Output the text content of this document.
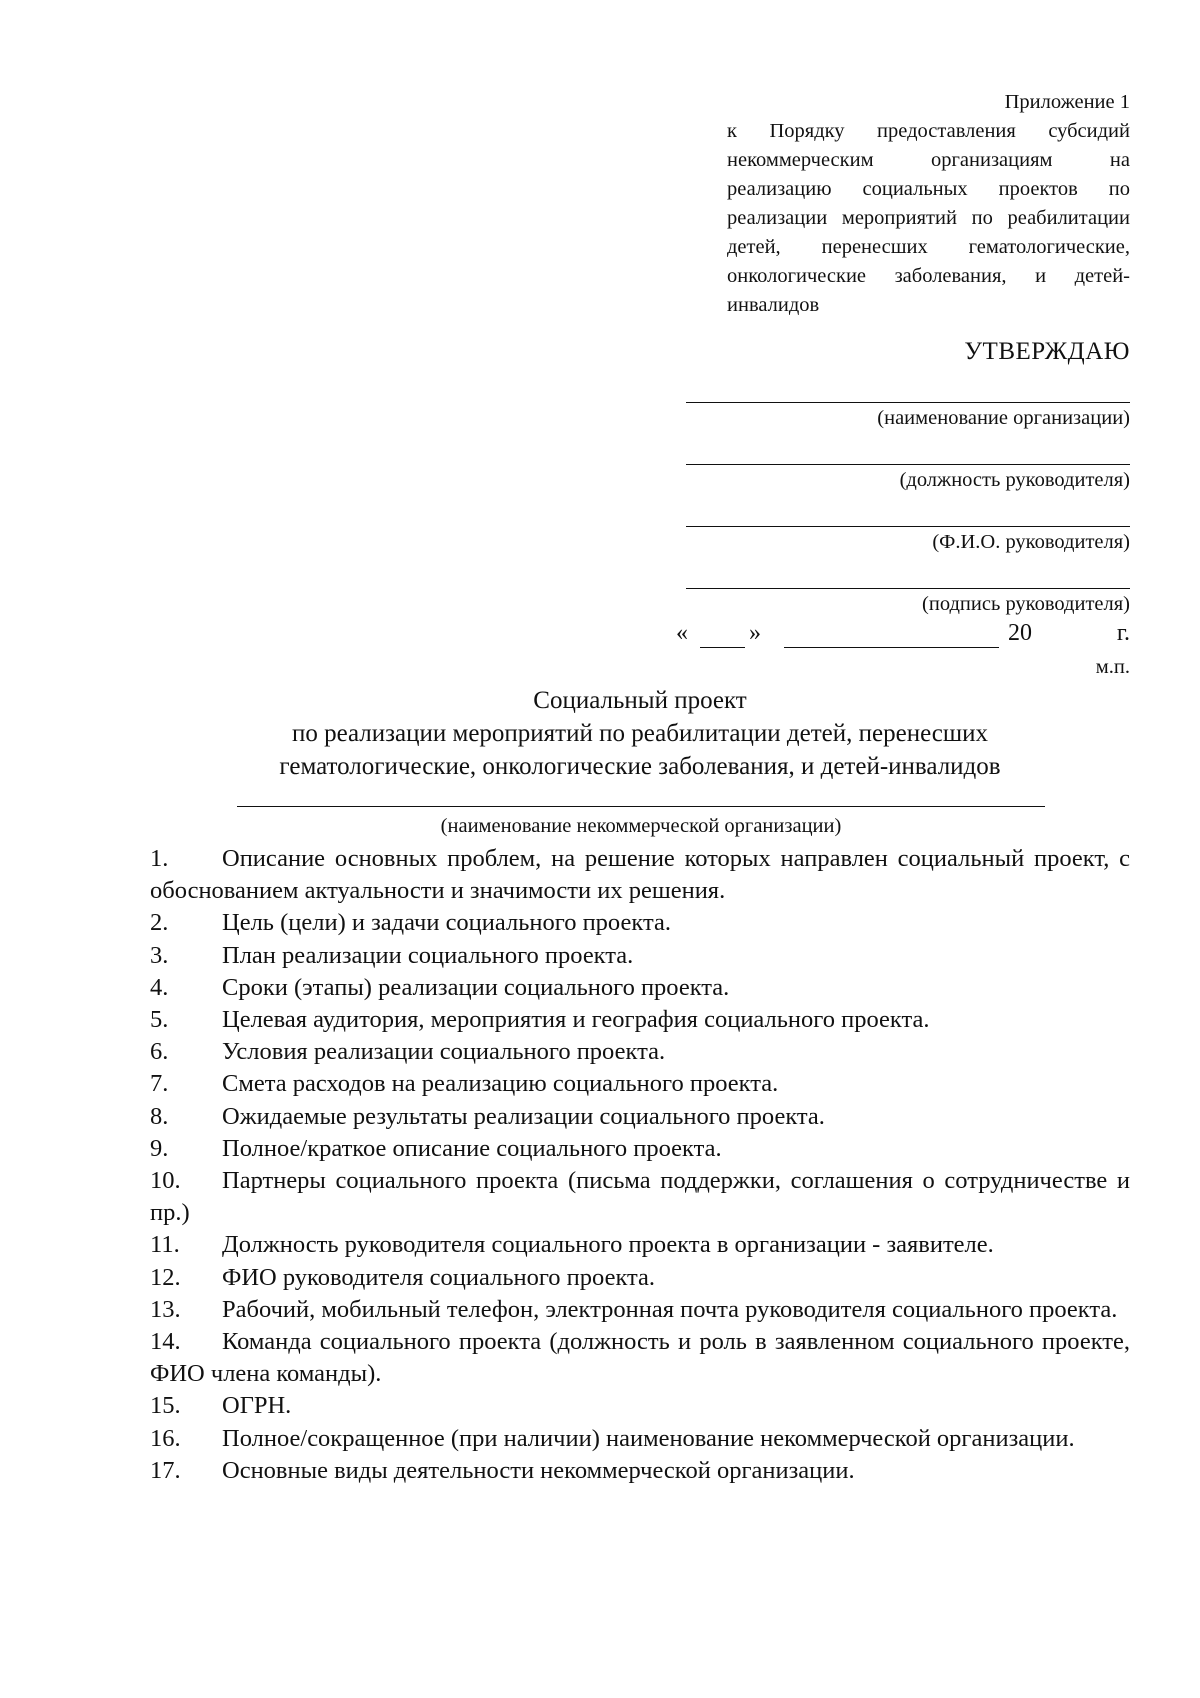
Приложение 1
к Порядку предоставления субсидий некоммерческим организациям на реализацию социальных проектов по реализации мероприятий по реабилитации детей, перенесших гематологические, онкологические заболевания, и детей-инвалидов
УТВЕРЖДАЮ
(наименование организации)
(должность руководителя)
(Ф.И.О. руководителя)
(подпись руководителя)
«	»	20	г.
м.п.
Социальный проект
по реализации мероприятий по реабилитации детей, перенесших
гематологические, онкологические заболевания, и детей-инвалидов
(наименование некоммерческой организации)
1. Описание основных проблем, на решение которых направлен социальный проект, с обоснованием актуальности и значимости их решения.
2. Цель (цели) и задачи социального проекта.
3. План реализации социального проекта.
4. Сроки (этапы) реализации социального проекта.
5. Целевая аудитория, мероприятия и география социального проекта.
6. Условия реализации социального проекта.
7. Смета расходов на реализацию социального проекта.
8. Ожидаемые результаты реализации социального проекта.
9. Полное/краткое описание социального проекта.
10. Партнеры социального проекта (письма поддержки, соглашения о сотрудничестве и пр.)
11. Должность руководителя социального проекта в организации - заявителе.
12. ФИО руководителя социального проекта.
13. Рабочий, мобильный телефон, электронная почта руководителя социального проекта.
14. Команда социального проекта (должность и роль в заявленном социального проекте, ФИО члена команды).
15. ОГРН.
16. Полное/сокращенное (при наличии) наименование некоммерческой организации.
17. Основные виды деятельности некоммерческой организации.
